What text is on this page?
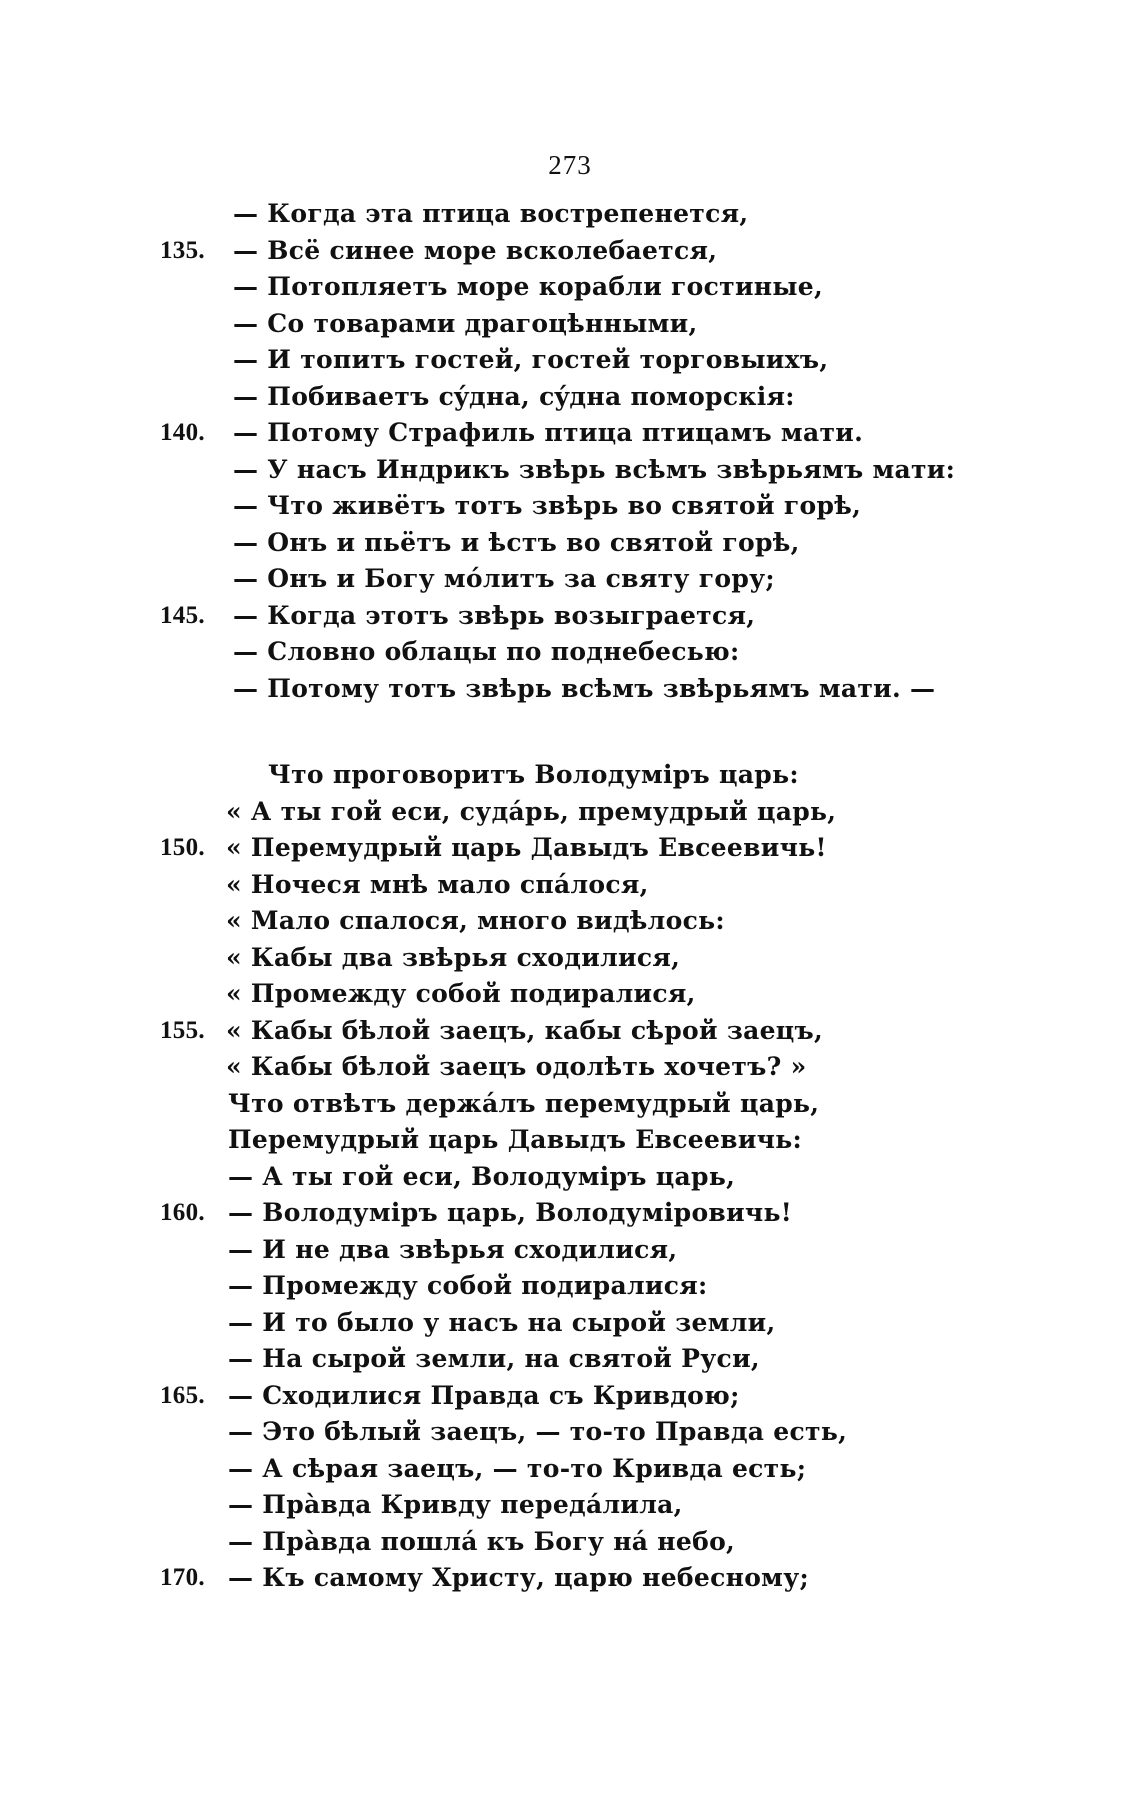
273
— Когда эта птица вострепенется,
135.	— Всё синее море всколебается,
— Потопляетъ море корабли гостиные,
— Со товарами драгоцѣнными,
— И топитъ гостей, гостей торговыихъ,
— Побиваетъ сýдна, сýдна поморскія:
140.	— Потому Страфиль птица птицамъ мати.
— У насъ Индрикъ звѣрь всѣмъ звѣрьямъ мати:
— Что живётъ тотъ звѣрь во святой горѣ,
— Онъ и пьётъ и ѣстъ во святой горѣ,
— Онъ и Богу мóлитъ за святу гору;
145.	— Когда этотъ звѣрь возыграется,
— Словно облацы по поднебесью:
— Потому тотъ звѣрь всѣмъ звѣрьямъ мати. —
Что проговоритъ Володуміръ царь:
« А ты гой еси, судáрь, премудрый царь,
150. « Перемудрый царь Давыдъ Евсеевичь!
« Ночеся мнѣ мало спáлося,
« Мало спалося, много видѣлось:
« Кабы два звѣрья сходилися,
« Промежду собой подиралися,
155. « Кабы бѣлой заецъ, кабы сѣрой заецъ,
« Кабы бѣлой заецъ одолѣть хочетъ? »
Что отвѣтъ держáлъ перемудрый царь,
Перемудрый царь Давыдъ Евсеевичь:
— А ты гой еси, Володуміръ царь,
160. — Володуміръ царь, Володуміровичь!
— И не два звѣрья сходилися,
— Промежду собой подиралися:
— И то было у насъ на сырой земли,
— На сырой земли, на святой Руси,
165. — Сходилися Правда съ Кривдою;
— Это бѣлый заецъ, — то-то Правда есть,
— А сѣрая заецъ, — то-то Кривда есть;
— Прàвда Кривду передáлила,
— Прàвда пошлá къ Богу нá небо,
170. — Къ самому Христу, царю небесному;
